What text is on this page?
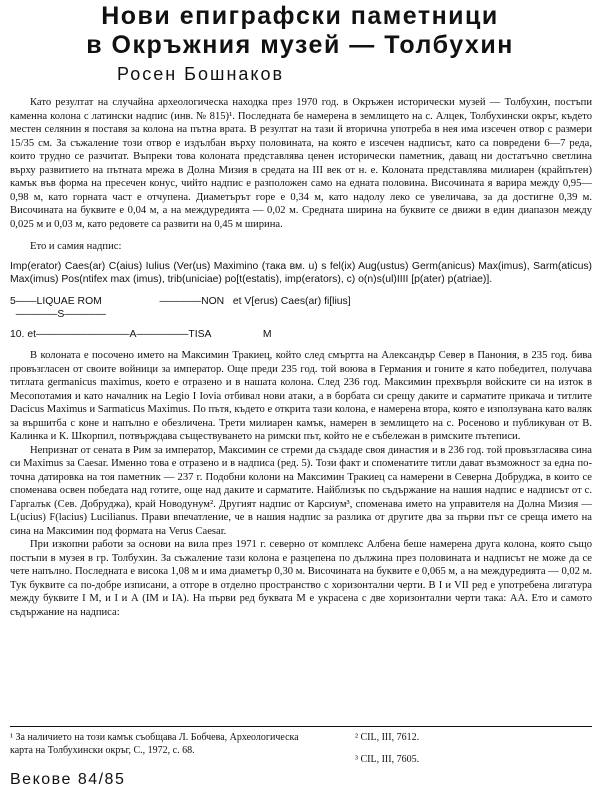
Нови епиграфски паметници
в Окръжния музей — Толбухин
Росен Бошнаков

Като резултат на случайна археологическа находка през 1970 год. в Окръжен исторически музей — Толбухин, постъпи каменна колона с латински надпис (инв. № 815)¹. Последната бе намерена в землището на с. Алцек, Толбухински окръг, където местен селянин я поставя за колона на пътна врата. В резултат на тази й вторична употреба в нея има изсечен отвор с размери 15/35 см. За съжаление този отвор е издълбан върху половината, на която е изсечен надписът, като са повредени 6—7 реда, които трудно се разчитат. Въпреки това колоната представлява ценен исторически паметник, даващ ни достатъчно светлина върху развитието на пътната мрежа в Долна Мизия в средата на III век от н. е. Колоната представлява милиарен (крайпътен) камък във форма на пресечен конус, чийто надпис е разположен само на едната половина. Височината я варира между 0,95—0,98 м, като горната част е отчупена. Диаметърът горе е 0,34 м, като надолу леко се увеличава, за да достигне 0,39 м. Височината на буквите е 0,04 м, а на междуредията — 0,02 м. Средната ширина на буквите се движи в един диапазон между 0,025 м и 0,03 м, като редовете са развити на 0,45 м ширина.

Ето и самия надпис:

Imp(erator) Caes(ar) C(aius) Iulius (Ver(us) Maximino (така вм. u) s fel(ix) Aug(ustus) Germ(anicus) Max(imus), Sarm(aticus) Max(imus) Pos(ntifex max (imus), trib(uniciae) po[t(estatis), imp(erators), c) o(n)s(ul)IIII [p(ater) p(atriae)].

5——LIQUAE ROM                    ————NON   et V[erus) Caes(ar) fi[lius]
————S————
10. et—————————A—————TISA                  M

В колоната е посочено името на Максимин Тракиец, който след смъртта на Александър Север в Панония, в 235 год. бива провъзгласен от своите войници за император. Още преди 235 год. той воюва в Германия и гоните я като победител, получава титлата germanicus maximus, което е отразено и в нашата колона. След 236 год. Максимин прехвърля войските си на изток в Месопотамия и като началник на Legio I Iovia отбивал нови атаки, а в борбата си срещу даките и сарматите прикача и титлите Dacicus Maximus и Sarmaticus Maximus. По пътя, където е открита тази колона, е намерена втора, която е използувана като валяк за вършитба с коне и напълно е обезличена. Трети милиарен камък, намерен в землището на с. Росеново и публикуван от В. Калинка и К. Шкорпил, потвърждава съществуването на римски път, който не е събележан в римските пътеписи.

Непризнат от сената в Рим за император, Максимин се стреми да създаде своя династия и в 236 год. той провъзгласява сина си Maximus за Caesar. Именно това е отразено и в надписа (ред. 5). Този факт и споменатите титли дават възможност за една по-точна датировка на тоя паметник — 237 г. Подобни колони на Максимин Тракиец са намерени в Северна Добруджа, в които се споменава освен победата над готите, още над даките и сарматите. Найблизък по съдържание на нашия надпис е надписът от с. Гаргалък (Сев. Добруджа), край Новодунум². Другият надпис от Карсиум³, споменава името на управителя на Долна Мизия — L(ucius) F(lacius) Lucilianus. Прави впечатление, че в нашия надпис за разлика от другите два за първи път се среща името на сина на Максимин под формата на Verus Caesar.

При изкопни работи за основи на вила през 1971 г. северно от комплекс Албена беше намерена друга колона, която също постъпи в музея в гр. Толбухин. За съжаление тази колона е разцепена по дължина през половината и надписът не може да се чете напълно. Последната е висока 1,08 м и има диаметър 0,30 м. Височината на буквите е 0,065 м, а на междуредията — 0,02 м. Тук буквите са по-добре изписани, а отгоре в отделно пространство с хоризонтални черти. В I и VII ред е употребена лигатура между буквите I М, и I и А (IM и IA). На първи ред буквата М е украсена с две хоризонтални черти така: AA. Ето и самото съдържание на надписа:

¹ За наличието на този камък съобщава Л. Бобчева, Археологическа карта на Толбухински окръг, С., 1972, с. 68.
² CIL, III, 7612.
³ CIL, III, 7605.
Векове 84/85
